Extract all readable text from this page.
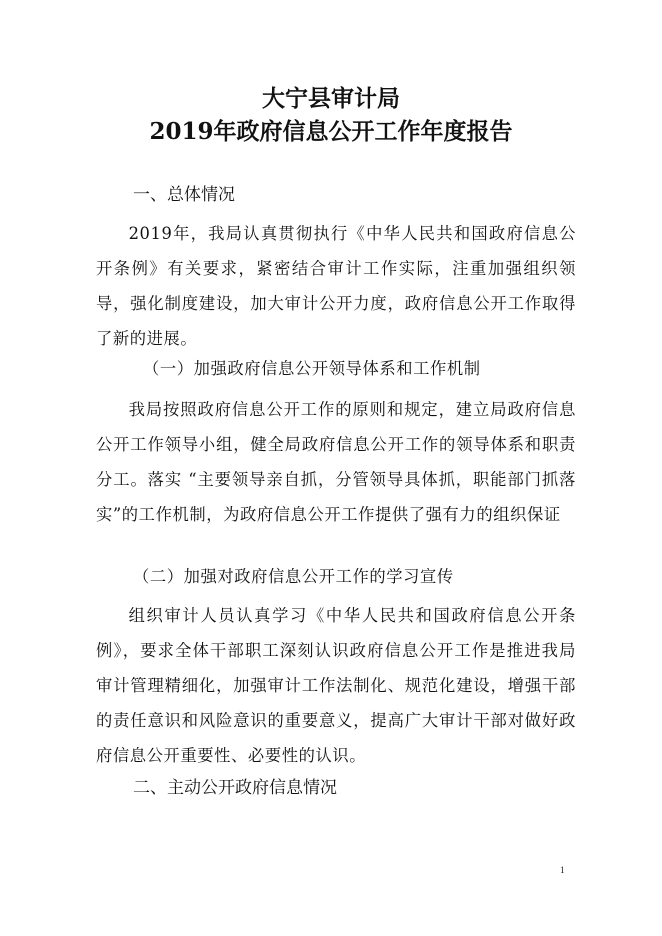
大宁县审计局
2019年政府信息公开工作年度报告
一、总体情况
2019年，我局认真贯彻执行《中华人民共和国政府信息公开条例》有关要求，紧密结合审计工作实际，注重加强组织领导，强化制度建设，加大审计公开力度，政府信息公开工作取得了新的进展。
（一）加强政府信息公开领导体系和工作机制
我局按照政府信息公开工作的原则和规定，建立局政府信息公开工作领导小组，健全局政府信息公开工作的领导体系和职责分工。落实 “主要领导亲自抓，分管领导具体抓，职能部门抓落实”的工作机制，为政府信息公开工作提供了强有力的组织保证
（二）加强对政府信息公开工作的学习宣传
组织审计人员认真学习《中华人民共和国政府信息公开条例》，要求全体干部职工深刻认识政府信息公开工作是推进我局审计管理精细化，加强审计工作法制化、规范化建设，增强干部的责任意识和风险意识的重要意义，提高广大审计干部对做好政府信息公开重要性、必要性的认识。
二、主动公开政府信息情况
1
